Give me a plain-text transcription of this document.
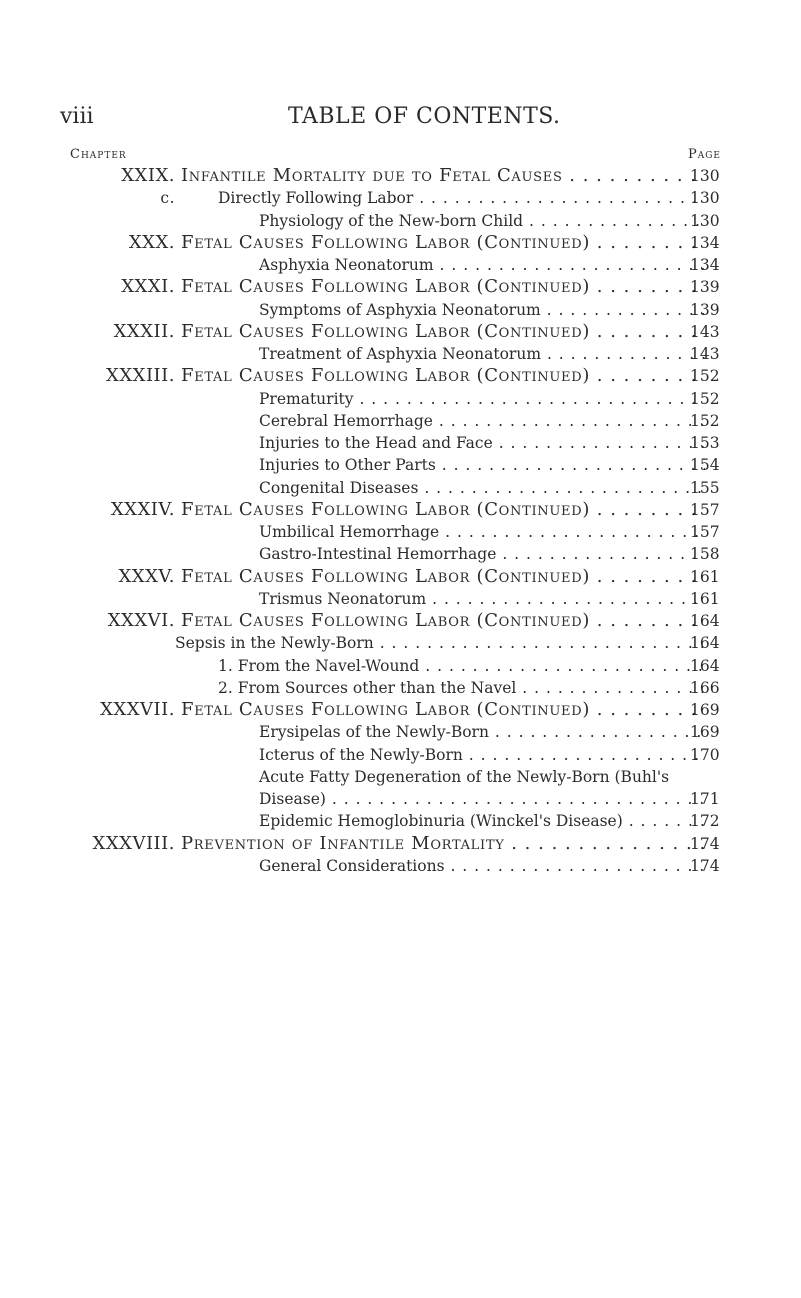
viii	TABLE OF CONTENTS.
Chapter	Page
XXIX. Infantile Mortality due to Fetal Causes . . .	130
c.	Directly Following Labor . . .	130
Physiology of the New-born Child . . .	130
XXX. Fetal Causes Following Labor (Continued) . . .	134
Asphyxia Neonatorum . . .	134
XXXI. Fetal Causes Following Labor (Continued) . . .	139
Symptoms of Asphyxia Neonatorum . . .	139
XXXII. Fetal Causes Following Labor (Continued) . . .	143
Treatment of Asphyxia Neonatorum . . .	143
XXXIII. Fetal Causes Following Labor (Continued) . . .	152
Prematurity . . .	152
Cerebral Hemorrhage . . .	152
Injuries to the Head and Face . . .	153
Injuries to Other Parts . . .	154
Congenital Diseases . . .	155
XXXIV. Fetal Causes Following Labor (Continued) . . .	157
Umbilical Hemorrhage . . .	157
Gastro-Intestinal Hemorrhage . . .	158
XXXV. Fetal Causes Following Labor (Continued) . . .	161
Trismus Neonatorum . . .	161
XXXVI. Fetal Causes Following Labor (Continued) . . .	164
Sepsis in the Newly-Born . . .	164
1. From the Navel-Wound . . .	164
2. From Sources other than the Navel . . .	166
XXXVII. Fetal Causes Following Labor (Continued) . . .	169
Erysipelas of the Newly-Born . . .	169
Icterus of the Newly-Born . . .	170
Acute Fatty Degeneration of the Newly-Born (Buhl's
Disease) . . .	171
Epidemic Hemoglobinuria (Winckel's Disease) . . .	172
XXXVIII. Prevention of Infantile Mortality . . .	174
General Considerations . . .	174
